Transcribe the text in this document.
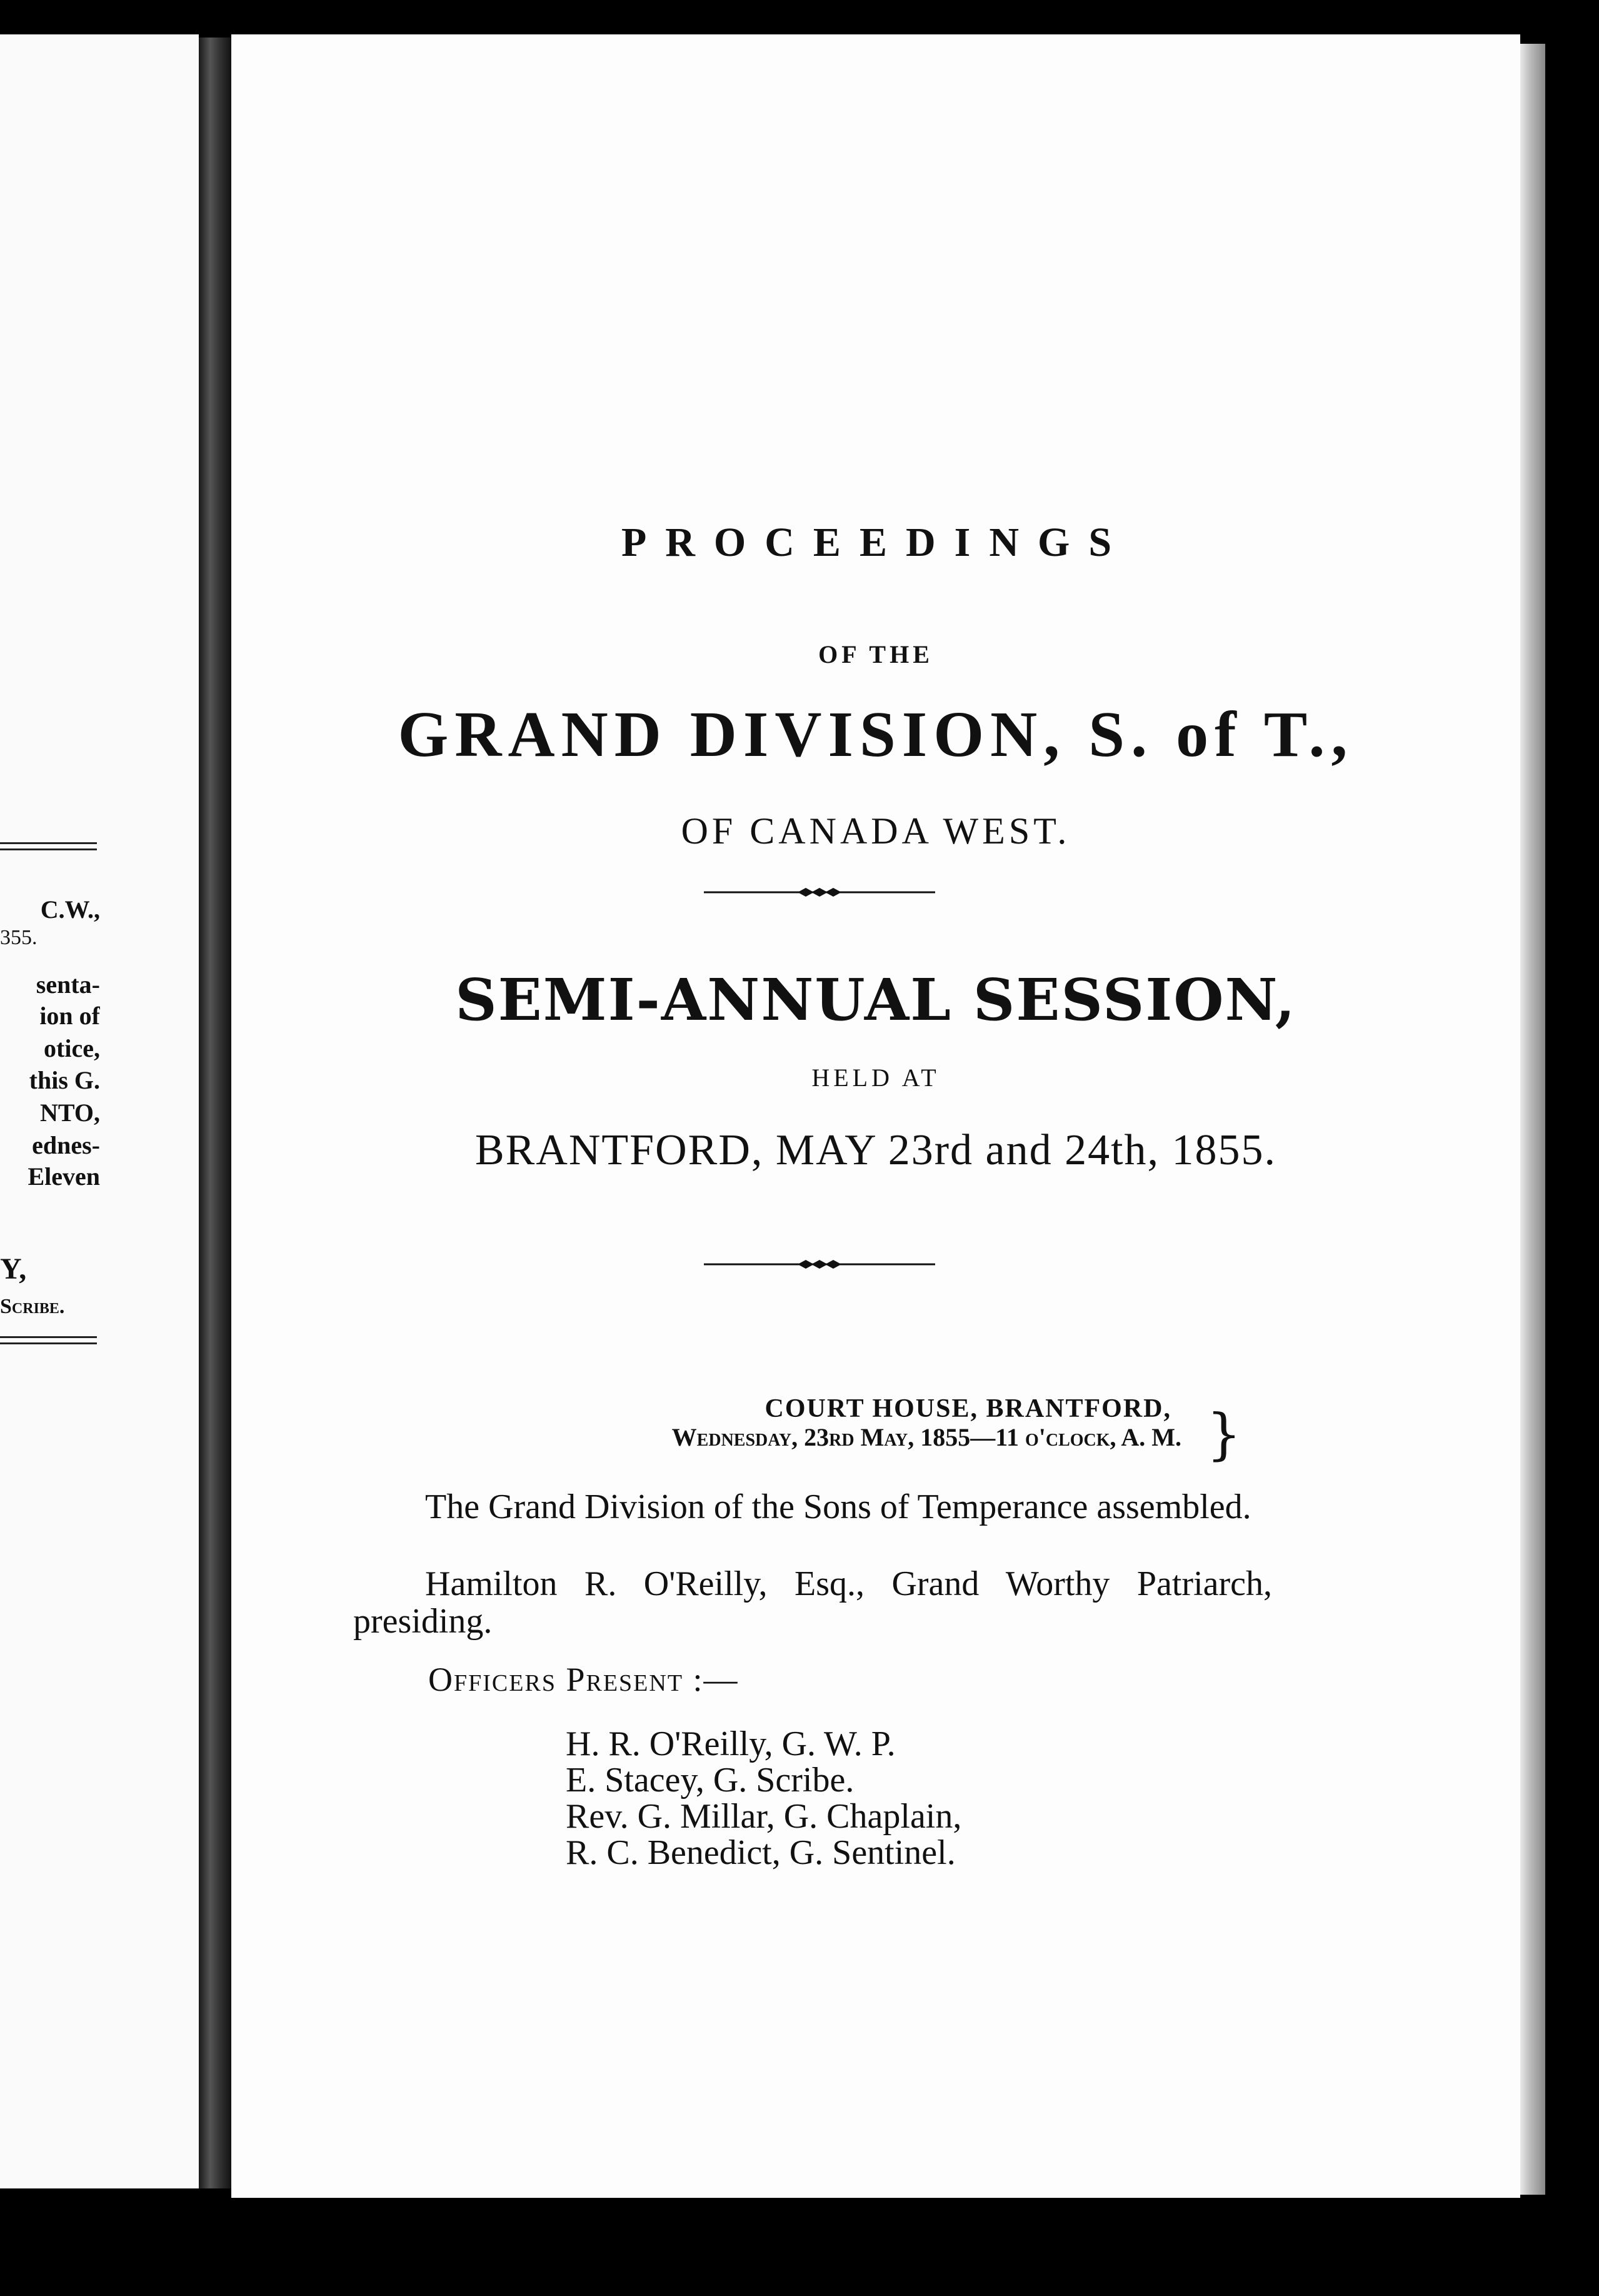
C.W.,
355.
senta-
ion of
otice,
this G.
NTO,
ednes-
Eleven
Y,
Scribe.
PROCEEDINGS
OF THE
GRAND DIVISION, S. of T.,
OF CANADA WEST.
SEMI-ANNUAL SESSION,
HELD AT
BRANTFORD, MAY 23rd and 24th, 1855.
COURT HOUSE, BRANTFORD,
Wednesday, 23rd May, 1855—11 o'clock, A. M. }

The Grand Division of the Sons of Temperance assembled.

Hamilton R. O'Reilly, Esq., Grand Worthy Patriarch, presiding.

Officers Present :—
H. R. O'Reilly, G. W. P.
E. Stacey, G. Scribe.
Rev. G. Millar, G. Chaplain,
R. C. Benedict, G. Sentinel.
